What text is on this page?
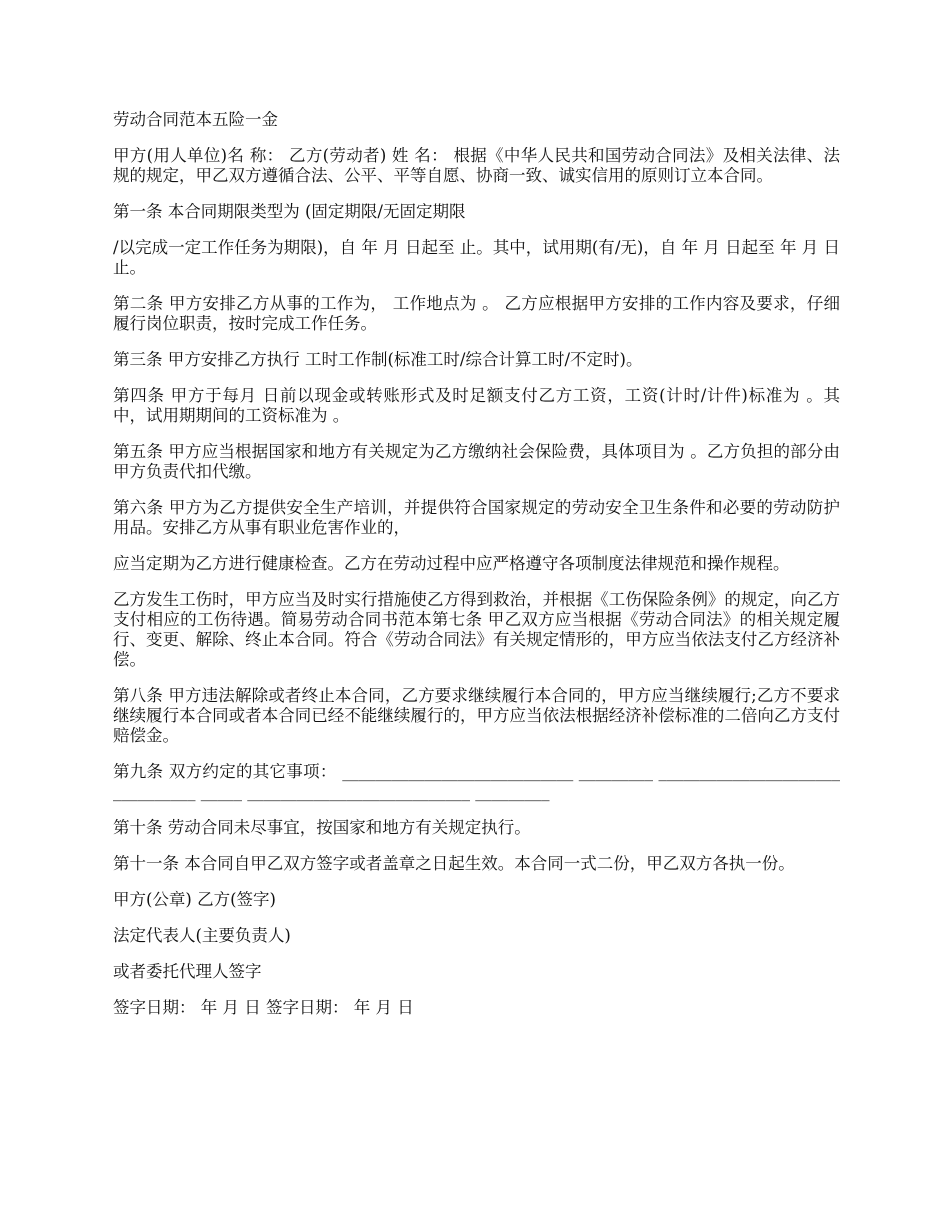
劳动合同范本五险一金

甲方(用人单位)名 称： 乙方(劳动者) 姓 名： 根据《中华人民共和国劳动合同法》及相关法律、法规的规定，甲乙双方遵循合法、公平、平等自愿、协商一致、诚实信用的原则订立本合同。

第一条 本合同期限类型为 (固定期限/无固定期限

/以完成一定工作任务为期限)，自 年 月 日起至 止。其中，试用期(有/无)，自 年 月 日起至 年 月 日止。

第二条 甲方安排乙方从事的工作为， 工作地点为 。 乙方应根据甲方安排的工作内容及要求，仔细履行岗位职责，按时完成工作任务。

第三条 甲方安排乙方执行 工时工作制(标准工时/综合计算工时/不定时)。

第四条 甲方于每月 日前以现金或转账形式及时足额支付乙方工资，工资(计时/计件)标准为 。其中，试用期期间的工资标准为 。

第五条 甲方应当根据国家和地方有关规定为乙方缴纳社会保险费，具体项目为 。乙方负担的部分由甲方负责代扣代缴。

第六条 甲方为乙方提供安全生产培训，并提供符合国家规定的劳动安全卫生条件和必要的劳动防护用品。安排乙方从事有职业危害作业的，

应当定期为乙方进行健康检查。乙方在劳动过程中应严格遵守各项制度法律规范和操作规程。

乙方发生工伤时，甲方应当及时实行措施使乙方得到救治，并根据《工伤保险条例》的规定，向乙方支付相应的工伤待遇。简易劳动合同书范本第七条 甲乙双方应当根据《劳动合同法》的相关规定履行、变更、解除、终止本合同。符合《劳动合同法》有关规定情形的，甲方应当依法支付乙方经济补偿。

第八条 甲方违法解除或者终止本合同，乙方要求继续履行本合同的，甲方应当继续履行;乙方不要求继续履行本合同或者本合同已经不能继续履行的，甲方应当依法根据经济补偿标准的二倍向乙方支付赔偿金。

第九条 双方约定的其它事项： ____________________________ _________ ________________________________ _____ ___________________________ _________

第十条 劳动合同未尽事宜，按国家和地方有关规定执行。

第十一条 本合同自甲乙双方签字或者盖章之日起生效。本合同一式二份，甲乙双方各执一份。

甲方(公章) 乙方(签字)

法定代表人(主要负责人)

或者委托代理人签字

签字日期： 年 月 日 签字日期： 年 月 日
